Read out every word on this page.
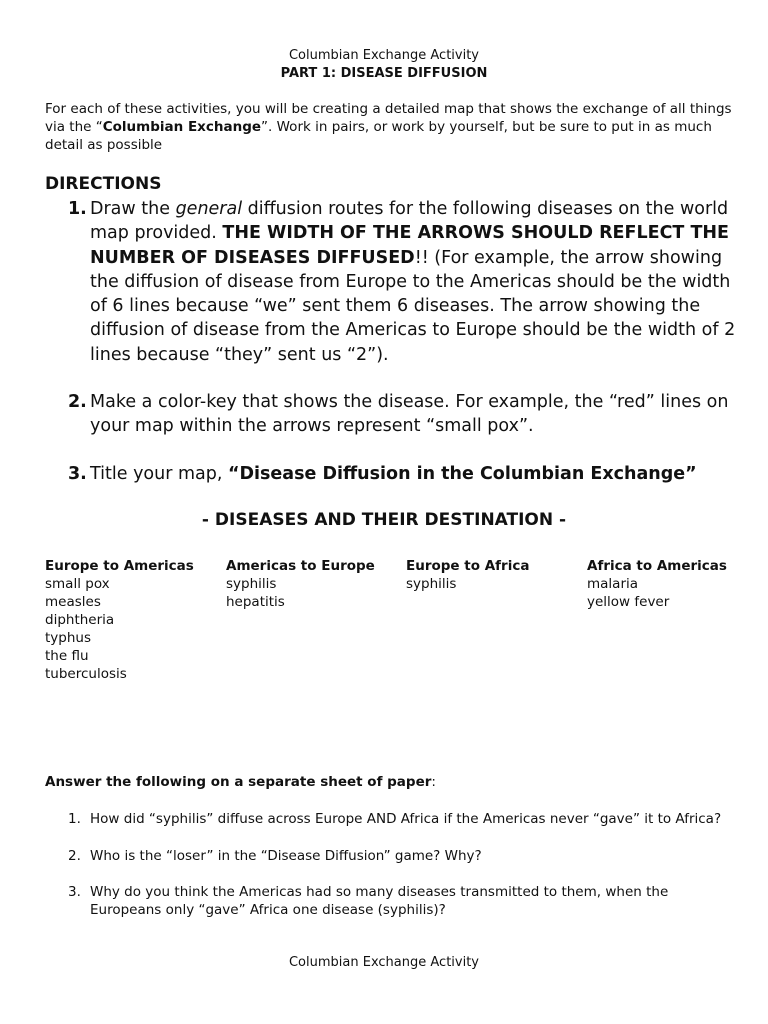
Columbian Exchange Activity
PART 1: DISEASE DIFFUSION
For each of these activities, you will be creating a detailed map that shows the exchange of all things via the “Columbian Exchange”. Work in pairs, or work by yourself, but be sure to put in as much detail as possible
DIRECTIONS
1. Draw the general diffusion routes for the following diseases on the world map provided. THE WIDTH OF THE ARROWS SHOULD REFLECT THE NUMBER OF DISEASES DIFFUSED!! (For example, the arrow showing the diffusion of disease from Europe to the Americas should be the width of 6 lines because “we” sent them 6 diseases. The arrow showing the diffusion of disease from the Americas to Europe should be the width of 2 lines because “they” sent us “2”).
2. Make a color-key that shows the disease. For example, the “red” lines on your map within the arrows represent “small pox”.
3. Title your map, “Disease Diffusion in the Columbian Exchange”
- DISEASES AND THEIR DESTINATION -
Europe to Americas
small pox
measles
diphtheria
typhus
the flu
tuberculosis
Americas to Europe
syphilis
hepatitis
Europe to Africa
syphilis
Africa to Americas
malaria
yellow fever
Answer the following on a separate sheet of paper:
1. How did “syphilis” diffuse across Europe AND Africa if the Americas never “gave” it to Africa?
2. Who is the “loser” in the “Disease Diffusion” game? Why?
3. Why do you think the Americas had so many diseases transmitted to them, when the Europeans only “gave” Africa one disease (syphilis)?
Columbian Exchange Activity
